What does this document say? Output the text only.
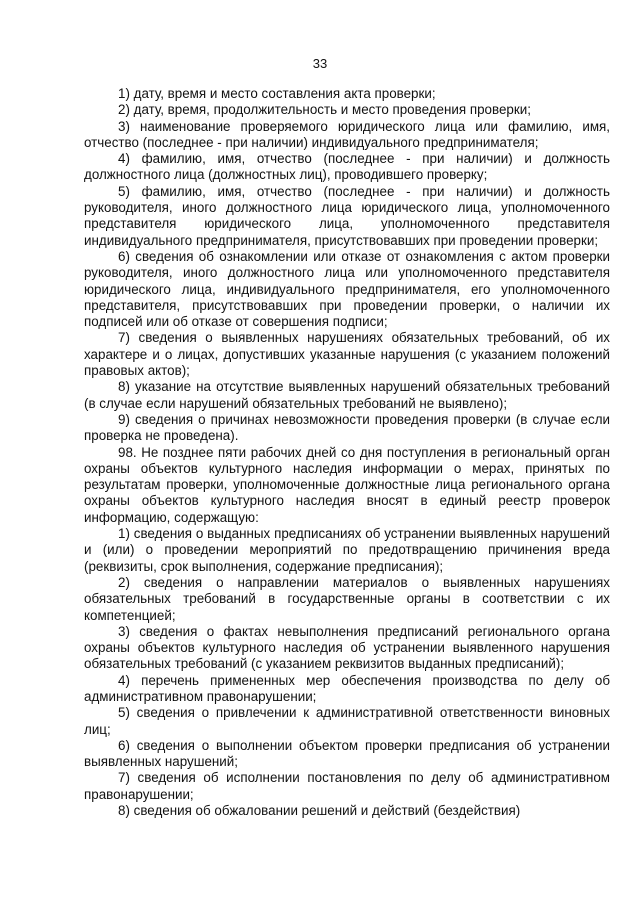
33

1) дату, время и место составления акта проверки;

2) дату, время, продолжительность и место проведения проверки;

3) наименование проверяемого юридического лица или фамилию, имя, отчество (последнее - при наличии) индивидуального предпринимателя;

4) фамилию, имя, отчество (последнее - при наличии) и должность должностного лица (должностных лиц), проводившего проверку;

5) фамилию, имя, отчество (последнее - при наличии) и должность руководителя, иного должностного лица юридического лица, уполномоченного представителя юридического лица, уполномоченного представителя индивидуального предпринимателя, присутствовавших при проведении проверки;

6) сведения об ознакомлении или отказе от ознакомления с актом проверки руководителя, иного должностного лица или уполномоченного представителя юридического лица, индивидуального предпринимателя, его уполномоченного представителя, присутствовавших при проведении проверки, о наличии их подписей или об отказе от совершения подписи;

7) сведения о выявленных нарушениях обязательных требований, об их характере и о лицах, допустивших указанные нарушения (с указанием положений правовых актов);

8) указание на отсутствие выявленных нарушений обязательных требований (в случае если нарушений обязательных требований не выявлено);

9) сведения о причинах невозможности проведения проверки (в случае если проверка не проведена).

98. Не позднее пяти рабочих дней со дня поступления в региональный орган охраны объектов культурного наследия информации о мерах, принятых по результатам проверки, уполномоченные должностные лица регионального органа охраны объектов культурного наследия вносят в единый реестр проверок информацию, содержащую:

1) сведения о выданных предписаниях об устранении выявленных нарушений и (или) о проведении мероприятий по предотвращению причинения вреда (реквизиты, срок выполнения, содержание предписания);

2) сведения о направлении материалов о выявленных нарушениях обязательных требований в государственные органы в соответствии с их компетенцией;

3) сведения о фактах невыполнения предписаний регионального органа охраны объектов культурного наследия об устранении выявленного нарушения обязательных требований (с указанием реквизитов выданных предписаний);

4) перечень примененных мер обеспечения производства по делу об административном правонарушении;

5) сведения о привлечении к административной ответственности виновных лиц;

6) сведения о выполнении объектом проверки предписания об устранении выявленных нарушений;

7) сведения об исполнении постановления по делу об административном правонарушении;

8) сведения об обжаловании решений и действий (бездействия)
